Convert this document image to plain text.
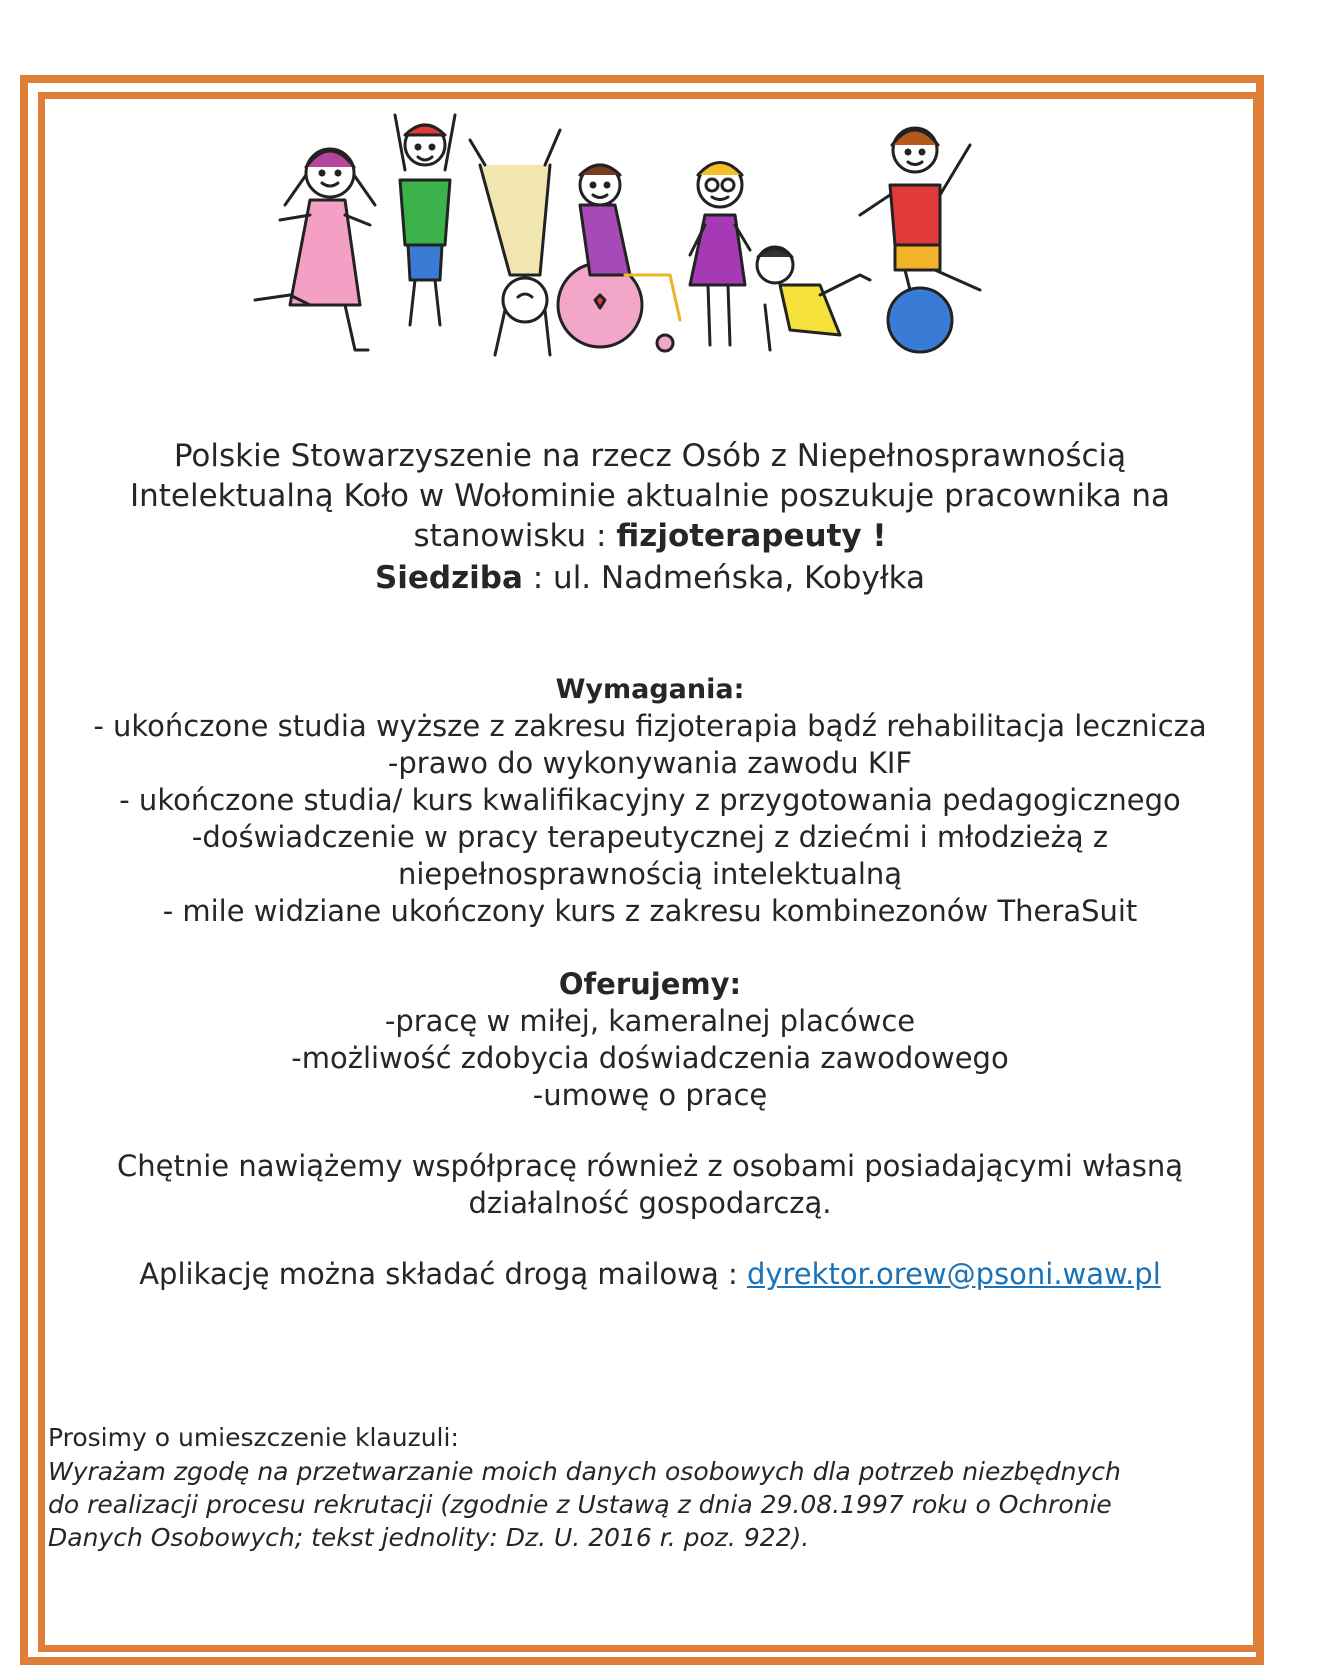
Polskie Stowarzyszenie na rzecz Osób z Niepełnosprawnością
Intelektualną Koło w Wołominie aktualnie poszukuje pracownika na
stanowisku : fizjoterapeuty !
Siedziba : ul. Nadmeńska, Kobyłka
Wymagania:
- ukończone studia wyższe z zakresu fizjoterapia bądź rehabilitacja lecznicza
-prawo do wykonywania zawodu KIF
- ukończone studia/ kurs kwalifikacyjny z przygotowania pedagogicznego
-doświadczenie w pracy terapeutycznej z dziećmi i młodzieżą z
niepełnosprawnością intelektualną
- mile widziane ukończony kurs z zakresu kombinezonów TheraSuit
Oferujemy:
-pracę w miłej, kameralnej placówce
-możliwość zdobycia doświadczenia zawodowego
-umowę o pracę
Chętnie nawiążemy współpracę również z osobami posiadającymi własną
działalność gospodarczą.
Aplikację można składać drogą mailową : dyrektor.orew@psoni.waw.pl
Prosimy o umieszczenie klauzuli:
Wyrażam zgodę na przetwarzanie moich danych osobowych dla potrzeb niezbędnych
do realizacji procesu rekrutacji (zgodnie z Ustawą z dnia 29.08.1997 roku o Ochronie
Danych Osobowych; tekst jednolity: Dz. U. 2016 r. poz. 922).
